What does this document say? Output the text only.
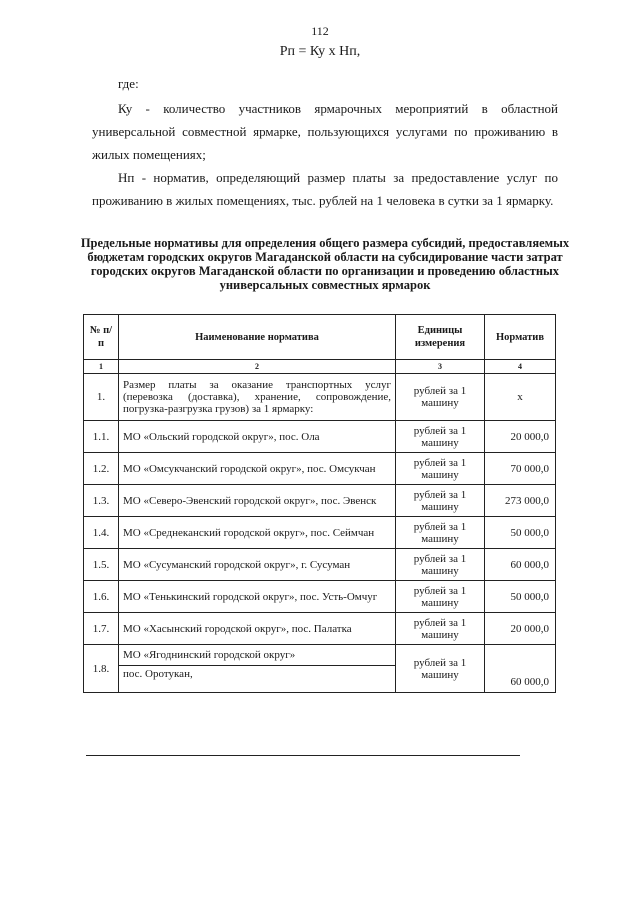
112
Рп = Ку х Нп,
где:
Ку - количество участников ярмарочных мероприятий в областной универсальной совместной ярмарке, пользующихся услугами по проживанию в жилых помещениях;
Нп - норматив, определяющий размер платы за предоставление услуг по проживанию в жилых помещениях, тыс. рублей на 1 человека в сутки за 1 ярмарку.
Предельные нормативы для определения общего размера субсидий, предоставляемых бюджетам городских округов Магаданской области на субсидирование части затрат городских округов Магаданской области по организации и проведению областных универсальных совместных ярмарок
№ п/п	Наименование норматива	Единицы измерения	Норматив
1	2	3	4
1.	Размер платы за оказание транспортных услуг (перевозка (доставка), хранение, сопровождение, погрузка-разгрузка грузов) за 1 ярмарку:	рублей за 1 машину	х
1.1.	МО «Ольский городской округ», пос. Ола	рублей за 1 машину	20 000,0
1.2.	МО «Омсукчанский городской округ», пос. Омсукчан	рублей за 1 машину	70 000,0
1.3.	МО «Северо-Эвенский городской округ», пос. Эвенск	рублей за 1 машину	273 000,0
1.4.	МО «Среднеканский городской округ», пос. Сеймчан	рублей за 1 машину	50 000,0
1.5.	МО «Сусуманский городской округ», г. Сусуман	рублей за 1 машину	60 000,0
1.6.	МО «Тенькинский городской округ», пос. Усть-Омчуг	рублей за 1 машину	50 000,0
1.7.	МО «Хасынский городской округ», пос. Палатка	рублей за 1 машину	20 000,0
1.8.	МО «Ягоднинский городской округ»	рублей за 1 машину	60 000,0
	пос. Оротукан,		
